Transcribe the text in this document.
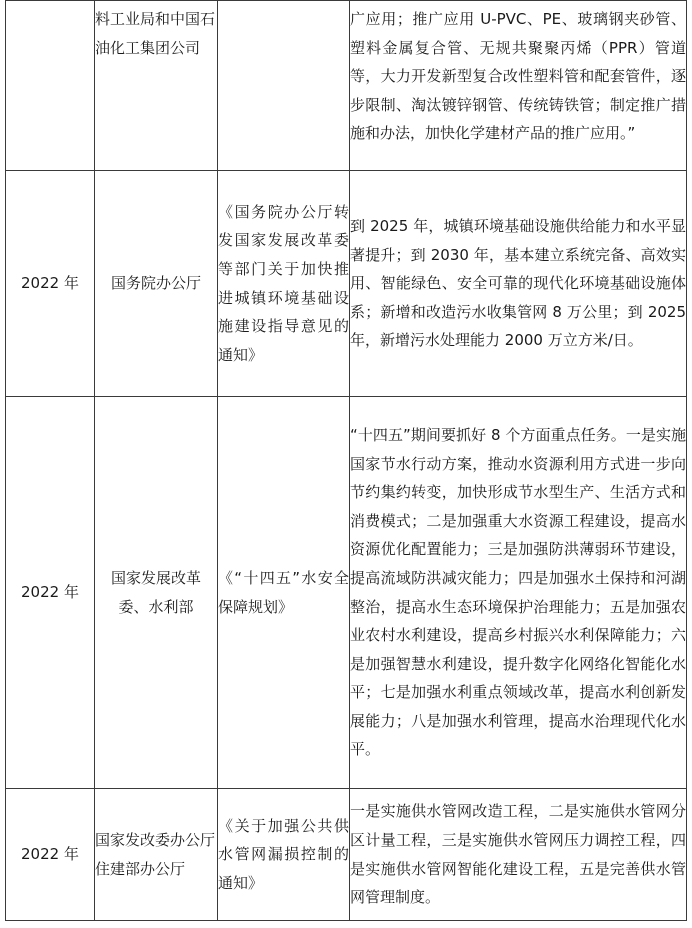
	料工业局和中国石油化工集团公司		广应用；推广应用 U-PVC、PE、玻璃钢夹砂管、塑料金属复合管、无规共聚聚丙烯（PPR）管道等，大力开发新型复合改性塑料管和配套管件，逐步限制、淘汰镀锌钢管、传统铸铁管；制定推广措施和办法，加快化学建材产品的推广应用。”
2022 年	国务院办公厅	《国务院办公厅转发国家发展改革委等部门关于加快推进城镇环境基础设施建设指导意见的通知》	到 2025 年，城镇环境基础设施供给能力和水平显著提升；到 2030 年，基本建立系统完备、高效实用、智能绿色、安全可靠的现代化环境基础设施体系；新增和改造污水收集管网 8 万公里；到 2025 年，新增污水处理能力 2000 万立方米/日。
2022 年	国家发展改革委、水利部	《“十四五”水安全保障规划》	“十四五”期间要抓好 8 个方面重点任务。一是实施国家节水行动方案，推动水资源利用方式进一步向节约集约转变，加快形成节水型生产、生活方式和消费模式；二是加强重大水资源工程建设，提高水资源优化配置能力；三是加强防洪薄弱环节建设，提高流域防洪减灾能力；四是加强水土保持和河湖整治，提高水生态环境保护治理能力；五是加强农业农村水利建设，提高乡村振兴水利保障能力；六是加强智慧水利建设，提升数字化网络化智能化水平；七是加强水利重点领域改革，提高水利创新发展能力；八是加强水利管理，提高水治理现代化水平。
2022 年	国家发改委办公厅住建部办公厅	《关于加强公共供水管网漏损控制的通知》	一是实施供水管网改造工程，二是实施供水管网分区计量工程，三是实施供水管网压力调控工程，四是实施供水管网智能化建设工程，五是完善供水管网管理制度。
